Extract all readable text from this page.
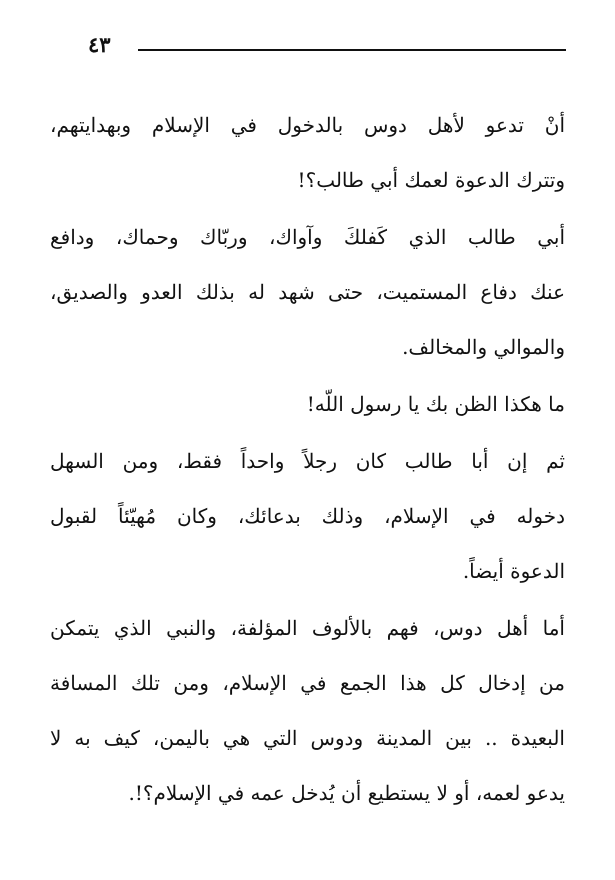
٤٣
أنْ تدعو لأهل دوس بالدخول في الإسلام وبهدايتهم،
وتترك الدعوة لعمك أبي طالب؟!
أبي طالب الذي كَفلكَ وآواك، وربّاك وحماك، ودافع
عنك دفاع المستميت، حتى شهد له بذلك العدو والصديق،
والموالي والمخالف.
ما هكذا الظن بك يا رسول اللّه!
ثم إن أبا طالب كان رجلاً واحداً فقط، ومن السهل
دخوله في الإسلام، وذلك بدعائك، وكان مُهيّئاً لقبول
الدعوة أيضاً.
أما أهل دوس، فهم بالألوف المؤلفة، والنبي الذي يتمكن
من إدخال كل هذا الجمع في الإسلام، ومن تلك المسافة
البعيدة .. بين المدينة ودوس التي هي باليمن، كيف به لا
يدعو لعمه، أو لا يستطيع أن يُدخل عمه في الإسلام؟!.
